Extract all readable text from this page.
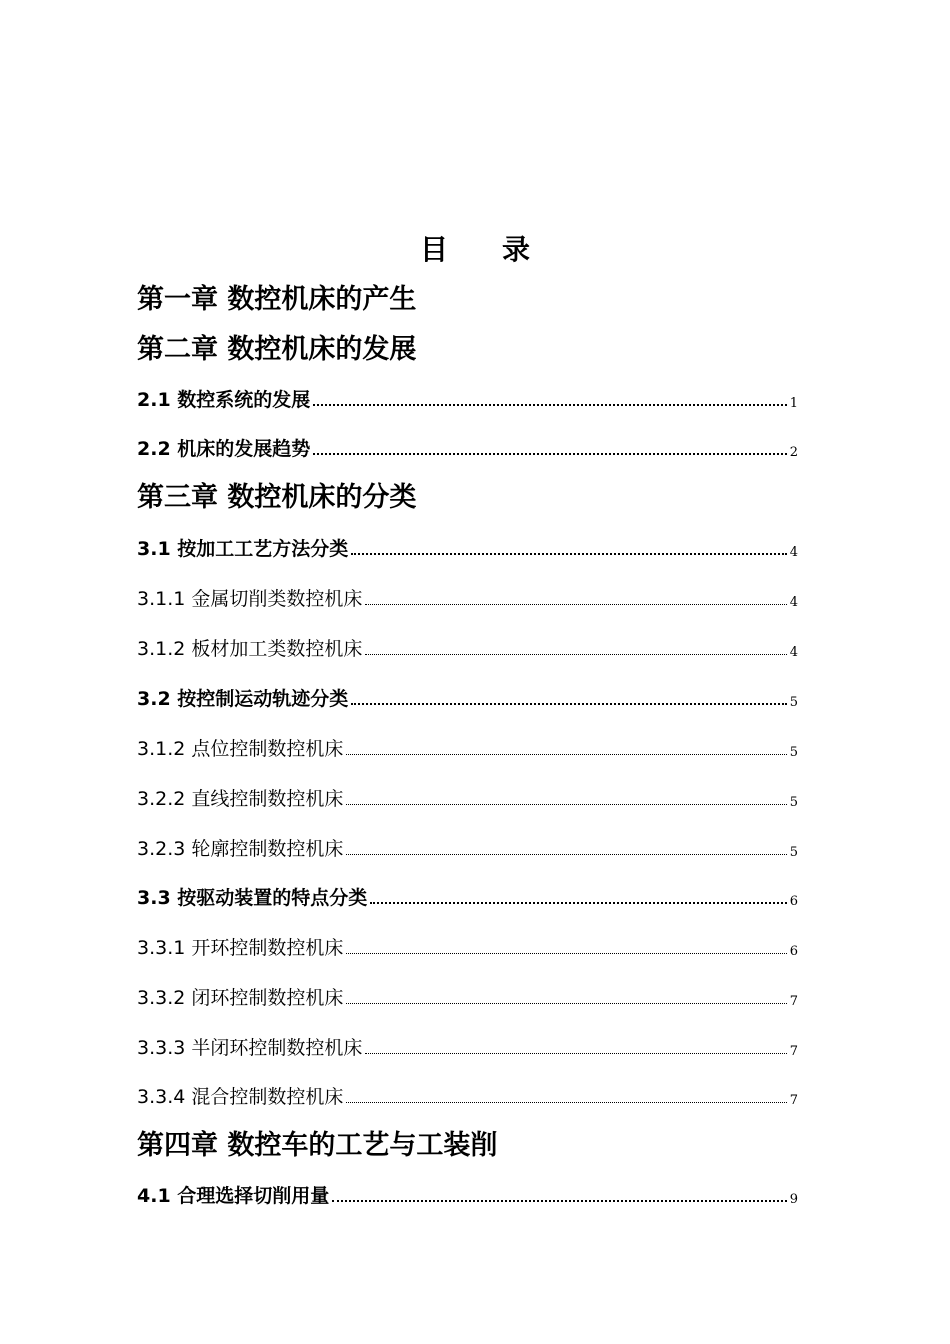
目 录
第一章 数控机床的产生
第二章 数控机床的发展
2.1 数控系统的发展	1
2.2 机床的发展趋势	2
第三章 数控机床的分类
3.1 按加工工艺方法分类	4
3.1.1 金属切削类数控机床	4
3.1.2 板材加工类数控机床	4
3.2 按控制运动轨迹分类	5
3.1.2 点位控制数控机床	5
3.2.2 直线控制数控机床	5
3.2.3 轮廓控制数控机床	5
3.3 按驱动装置的特点分类	6
3.3.1 开环控制数控机床	6
3.3.2 闭环控制数控机床	7
3.3.3 半闭环控制数控机床	7
3.3.4 混合控制数控机床	7
第四章 数控车的工艺与工装削
4.1 合理选择切削用量	9
